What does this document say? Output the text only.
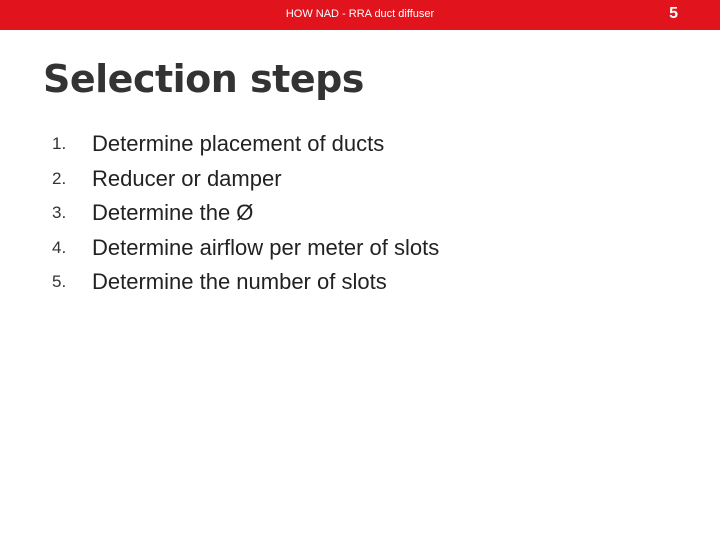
HOW NAD - RRA duct diffuser	5
Selection steps
1. Determine placement of ducts
2. Reducer or damper
3. Determine the Ø
4. Determine airflow per meter of slots
5. Determine the number of slots
